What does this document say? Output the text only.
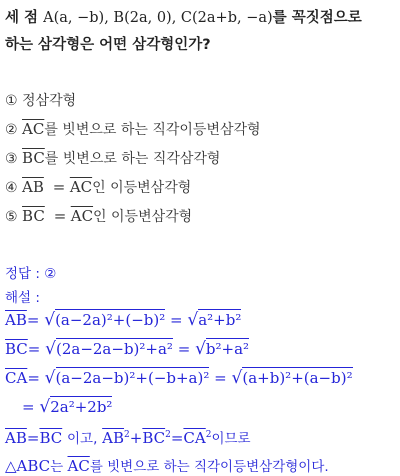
세 점 A(a, −b), B(2a, 0), C(2a+b, −a)를 꼭짓점으로
하는 삼각형은 어떤 삼각형인가?
① 정삼각형
② $\overline{AC}$를 빗변으로 하는 직각이등변삼각형
③ $\overline{BC}$를 빗변으로 하는 직각삼각형
④ $\overline{AB} = \overline{AC}$인 이등변삼각형
⑤ $\overline{BC} = \overline{AC}$인 이등변삼각형
정답 : ②
해설 :
$\overline{AB}= √(a-2a)^2+(-b)^2 = √a^2+b^2$
$\overline{BC}= √(2a-2a-b)^2+a^2 = √b^2+a^2$
$\overline{CA}= √(a-2a-b)^2+(-b+a)^2 = √(a+b)^2+(a-b)^2$
= √2a²+2b²
$\overline{AB}=\overline{BC}$ 이고, $\overline{AB}^2+\overline{BC}^2=\overline{CA}^2$이므로
△ABC는 $\overline{AC}$를 빗변으로 하는 직각이등변삼각형이다.
